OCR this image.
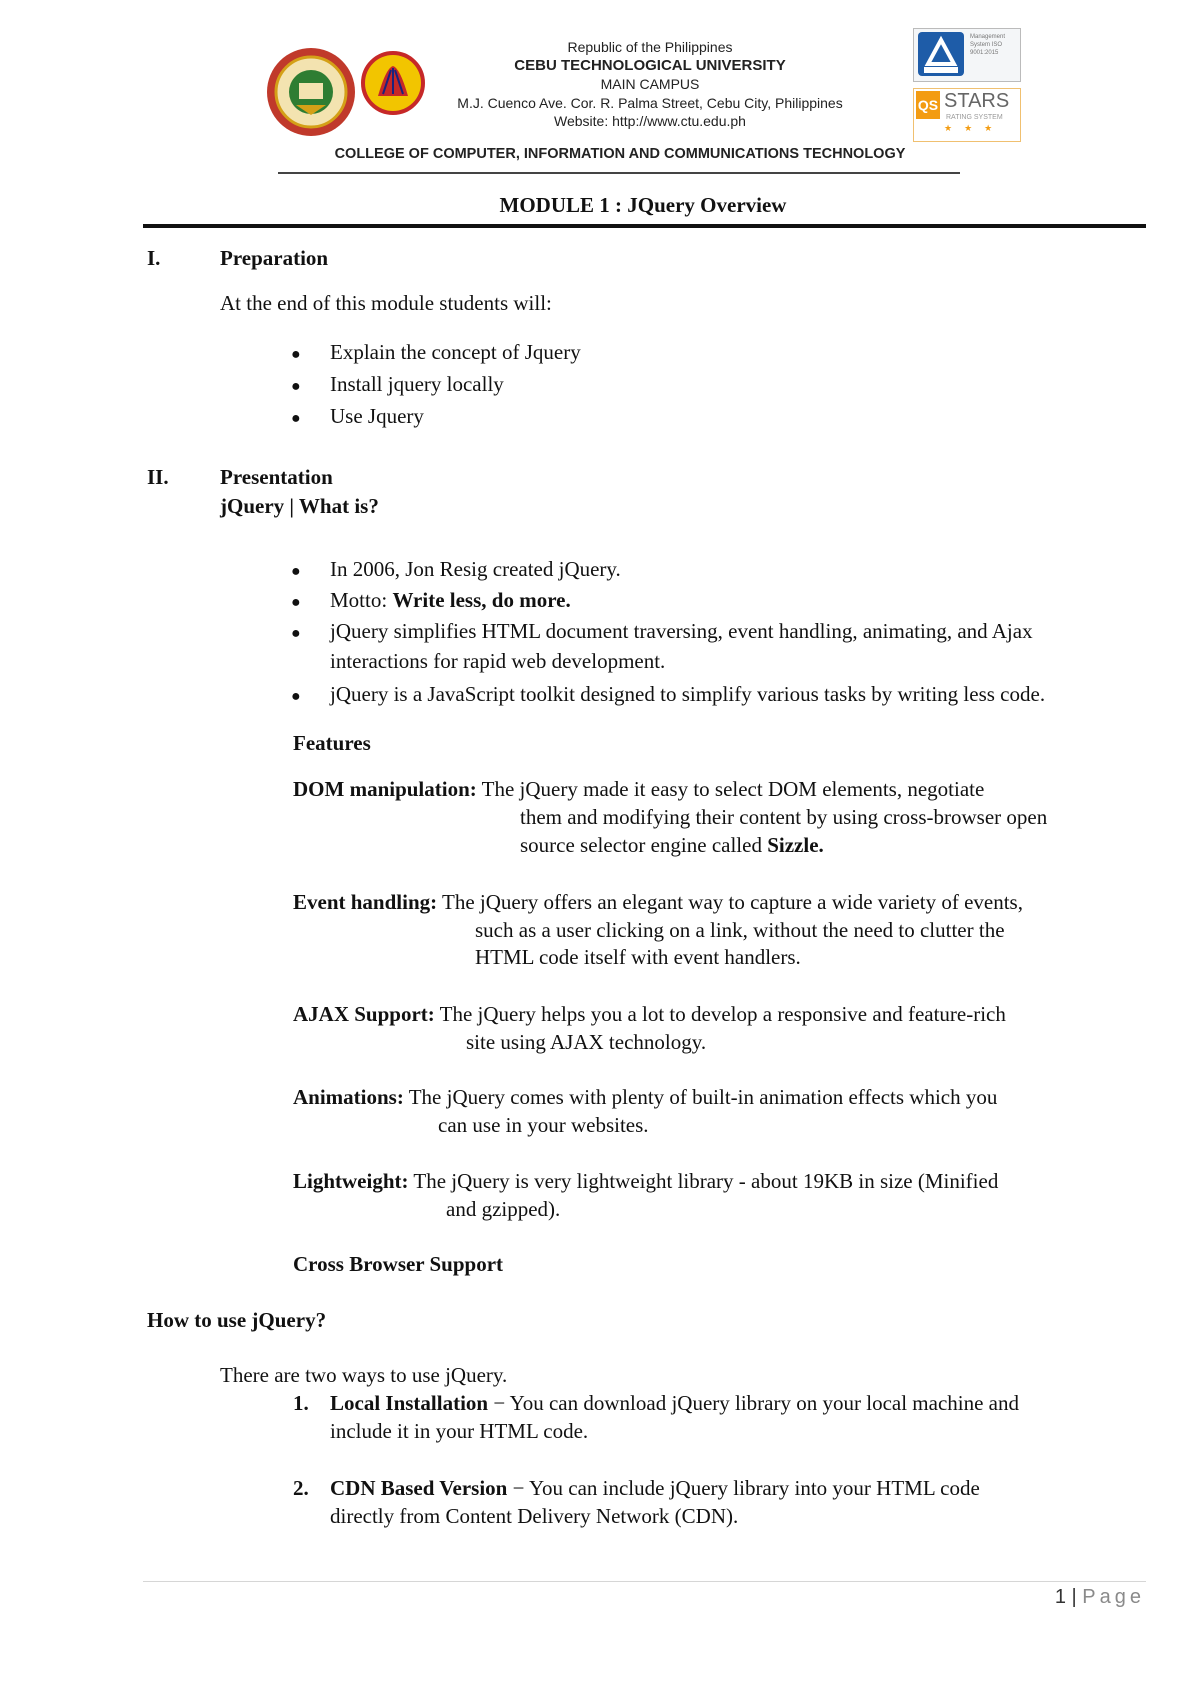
Republic of the Philippines
CEBU TECHNOLOGICAL UNIVERSITY
MAIN CAMPUS
M.J. Cuenco Ave. Cor. R. Palma Street, Cebu City, Philippines
Website: http://www.ctu.edu.ph
Management System ISO 9001:2015
QS STARS
RATING SYSTEM
★★★
COLLEGE OF COMPUTER, INFORMATION AND COMMUNICATIONS TECHNOLOGY
MODULE 1 : JQuery Overview
I.	Preparation
At the end of this module students will:
● Explain the concept of Jquery
● Install jquery locally
● Use Jquery
II. Presentation
jQuery | What is?
● In 2006, Jon Resig created jQuery.
● Motto: Write less, do more.
● jQuery simplifies HTML document traversing, event handling, animating, and Ajax
interactions for rapid web development.
● jQuery is a JavaScript toolkit designed to simplify various tasks by writing less code.
Features
DOM manipulation: The jQuery made it easy to select DOM elements, negotiate
them and modifying their content by using cross-browser open
source selector engine called Sizzle.
Event handling: The jQuery offers an elegant way to capture a wide variety of events,
such as a user clicking on a link, without the need to clutter the
HTML code itself with event handlers.
AJAX Support: The jQuery helps you a lot to develop a responsive and feature-rich
site using AJAX technology.
Animations: The jQuery comes with plenty of built-in animation effects which you
can use in your websites.
Lightweight: The jQuery is very lightweight library - about 19KB in size (Minified
and gzipped).
Cross Browser Support
How to use jQuery?
There are two ways to use jQuery.
1. Local Installation − You can download jQuery library on your local machine and
include it in your HTML code.
2. CDN Based Version − You can include jQuery library into your HTML code
directly from Content Delivery Network (CDN).
1 | Page
